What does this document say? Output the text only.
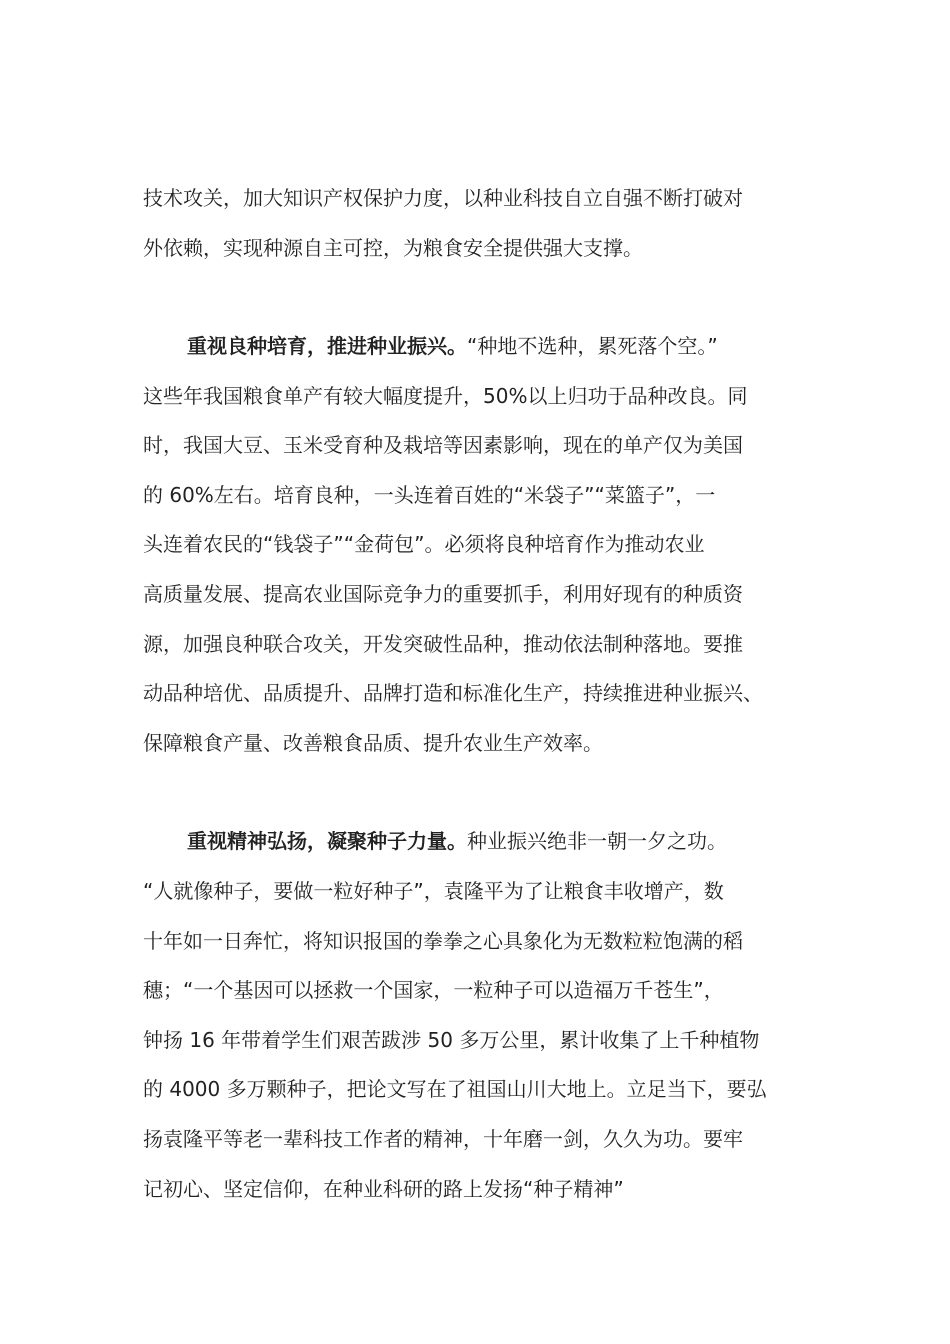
技术攻关，加大知识产权保护力度，以种业科技自立自强不断打破对
外依赖，实现种源自主可控，为粮食安全提供强大支撑。
重视良种培育，推进种业振兴。“种地不选种，累死落个空。”
这些年我国粮食单产有较大幅度提升，50%以上归功于品种改良。同
时，我国大豆、玉米受育种及栽培等因素影响，现在的单产仅为美国
的 60%左右。培育良种，一头连着百姓的“米袋子”“菜篮子”，一
头连着农民的“钱袋子”“金荷包”。必须将良种培育作为推动农业
高质量发展、提高农业国际竞争力的重要抓手，利用好现有的种质资
源，加强良种联合攻关，开发突破性品种，推动依法制种落地。要推
动品种培优、品质提升、品牌打造和标准化生产，持续推进种业振兴、
保障粮食产量、改善粮食品质、提升农业生产效率。
重视精神弘扬，凝聚种子力量。种业振兴绝非一朝一夕之功。
“人就像种子，要做一粒好种子”，袁隆平为了让粮食丰收增产，数
十年如一日奔忙，将知识报国的拳拳之心具象化为无数粒粒饱满的稻
穗；“一个基因可以拯救一个国家，一粒种子可以造福万千苍生”，
钟扬 16 年带着学生们艰苦跋涉 50 多万公里，累计收集了上千种植物
的 4000 多万颗种子，把论文写在了祖国山川大地上。立足当下，要弘
扬袁隆平等老一辈科技工作者的精神，十年磨一剑，久久为功。要牢
记初心、坚定信仰，在种业科研的路上发扬“种子精神”
